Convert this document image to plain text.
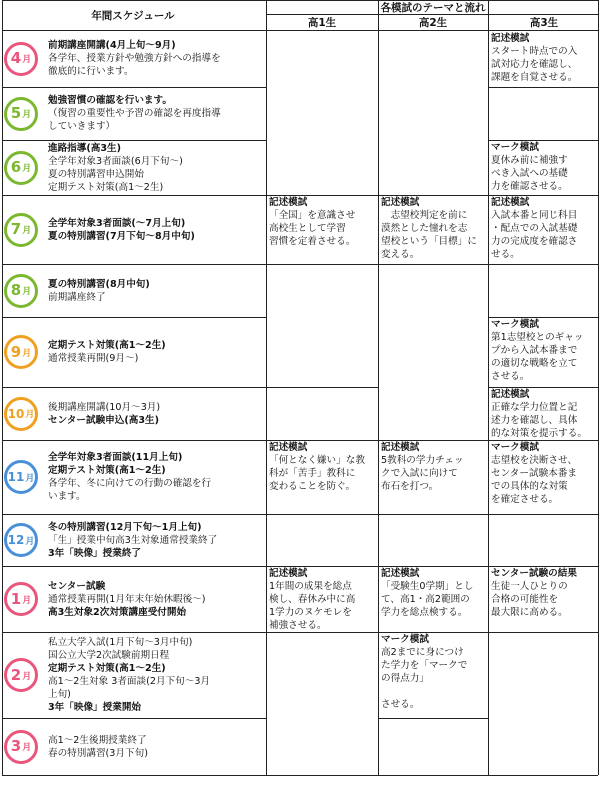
年間スケジュール
各模試のテーマと流れ
高1生	高2生	高3生
4 月
前期講座開講(4月上旬～9月)
各学年、授業方針や勉強方針への指導を
徹底的に行います。
5 月
勉強習慣の確認を行います。
（復習の重要性や予習の確認を再度指導
していきます）
6 月
進路指導(高3生)
全学年対象3者面談(6月下旬～)
夏の特別講習申込開始
定期テスト対策(高1～2生)
7 月
全学年対象3者面談(～7月上旬)
夏の特別講習(7月下旬～8月中旬)
8 月
夏の特別講習(8月中旬)
前期講座終了
9 月
定期テスト対策(高1～2生)
通常授業再開(9月～)
10 月
後期講座開講(10月～3月)
センター試験申込(高3生)
11 月
全学年対象3者面談(11月上旬)
定期テスト対策(高1～2生)
各学年、冬に向けての行動の確認を行
います。
12 月
冬の特別講習(12月下旬～1月上旬)
「生」授業中旬高3生対象通常授業終了
3年「映像」授業終了
1 月
センター試験
通常授業再開(1月年末年始休暇後～)
高3生対象2次対策講座受付開始
2 月
私立大学入試(1月下旬～3月中旬)
国公立大学2次試験前期日程
定期テスト対策(高1～2生)
高1～2生対象 3者面談(2月下旬～3月
上旬)
3年「映像」授業開始
3 月
高1～2生後期授業終了
春の特別講習(3月下旬)
記述模試
スタート時点での入
試対応力を確認し、
課題を自覚させる。
マーク模試
夏休み前に補強す
べき入試への基礎
力を確認させる。
記述模試
「全国」を意識させ
高校生として学習
習慣を定着させる。
記述模試
　志望校判定を前に
漠然とした憧れを志
望校という「目標」に
変える。
記述模試
入試本番と同じ科目
・配点での入試基礎
力の完成度を確認さ
せる。
マーク模試
第1志望校とのギャッ
プから入試本番まで
の適切な戦略を立て
させる。
記述模試
正確な学力位置と記
述力を確認し、具体
的な対策を提示する。
記述模試
「何となく嫌い」な教
科が「苦手」教科に
変わることを防ぐ。
記述模試
5教科の学力チェッ
クで入試に向けて
布石を打つ。
マーク模試
志望校を決断させ、
センター試験本番ま
での具体的な対策
を確定させる。
記述模試
1年間の成果を総点
検し、春休み中に高
1学力のヌケモレを
補強させる。
記述模試
「受験生0学期」とし
て、高1・高2範囲の
学力を総点検する。
センター試験の結果
生徒一人ひとりの
合格の可能性を
最大限に高める。
マーク模試
高2までに身につけ
た学力を「マークで
の得点力」

させる。
